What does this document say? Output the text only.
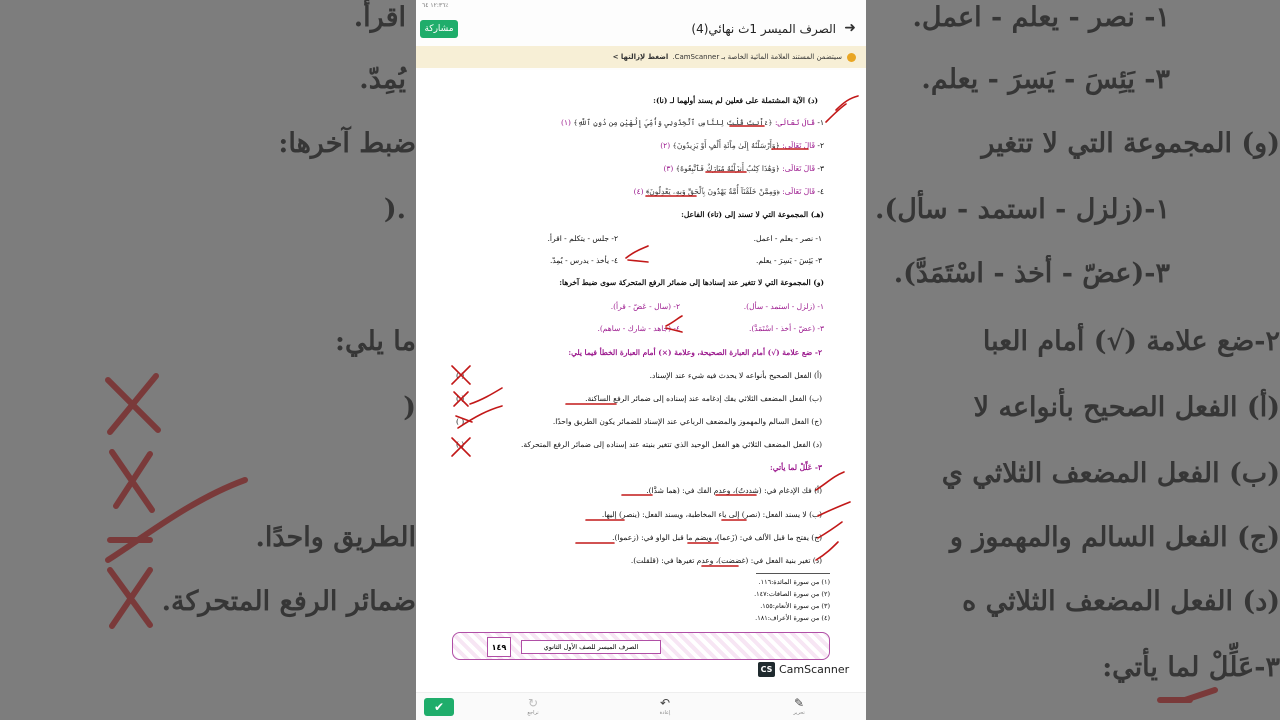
١- نصر - يعلم - اعمل.
٣- يَئِسَ - يَسِرَ - يعلم.
(و) المجموعة التي لا تتغير
١-(زلزل - استمد - سأل).
٣-(عضّ - أخذ - اسْتَمَدَّ).
٢-ضع علامة (√) أمام العبا
(أ) الفعل الصحيح بأنواعه لا
(ب) الفعل المضعف الثلاثي ي
(ج) الفعل السالم والمهموز و
(د) الفعل المضعف الثلاثي ه
٣-عَلِّلْ لما يأتي:
اقرأ.
يُمِدّ.
ضبط آخرها:
.(
ما يلي:
(
الطريق واحدًا.
ضمائر الرفع المتحركة.
١٢:٣٦ ٦٤٪

مشاركة	الصرف الميسر 1ث نهائي(4) ➜
سيتضمن المستند العلامة المائية الخاصة بـ CamScanner.
اضغط لإزالتها >
(د) الآية المشتملة على فعلين لم يسند أولهما لـ (نا):
١- قَالَ تَعَالَى: ﴿ءَأَنتَ قُلْتَ لِلنَّاسِ ٱتَّخِذُونِي وَأُمِّيَ إِلَٰهَيْنِ مِن دُونِ ٱللَّهِ﴾ (١)
٢- قَالَ تَعَالَى: ﴿وَأَرْسَلْنَٰهُ إِلَىٰ مِاْئَةِ أَلْفٍ أَوْ يَزِيدُونَ﴾ (٢)
٣- قَالَ تَعَالَى: ﴿وَهَٰذَا كِتَٰبٌ أَنزَلْنَٰهُ مُبَارَكٌ فَٱتَّبِعُوهُ﴾ (٣)
٤- قَالَ تَعَالَى: ﴿وَمِمَّنْ خَلَقْنَآ أُمَّةٌ يَهْدُونَ بِٱلْحَقِّ وَبِهِۦ يَعْدِلُونَ﴾ (٤)
(هـ) المجموعة التي لا تسند إلى (تاء) الفاعل:
١- نصر - يعلم - اعمل.
٢- جلس - يتكلم - اقرأ.
٣- يَئِسَ - يَسِرَ - يعلم.
٤- يأخذ - يدرس - يُمِدّ.
(و) المجموعة التي لا تتغير عند إسنادها إلى ضمائر الرفع المتحركة سوى ضبط آخرها:
١- (زلزل - استمد - سأل).
٢- (سال - عَضّ - قرأ).
٣- (عضّ - أخذ - اسْتَمَدَّ).
٤- (جاهد - شارك - ساهم).
٢- ضع علامة (√) أمام العبارة الصحيحة، وعلامة (×) أمام العبارة الخطأ فيما يلي:
(أ) الفعل الصحيح بأنواعه لا يحدث فيه شيء عند الإسناد.
(ب) الفعل المضعف الثلاثي يفك إدغامه عند إسناده إلى ضمائر الرفع الساكنة.
(ج) الفعل السالم والمهموز والمضعف الرباعي عند الإسناد للضمائر يكون الطريق واحدًا.
(د) الفعل المضعف الثلاثي هو الفعل الوحيد الذي تتغير بنيته عند إسناده إلى ضمائر الرفع المتحركة.
( )
( )
( )
( )
٣- عَلِّلْ لما يأتي:
(أ) فك الإدغام في: (شددتُ)، وعدم الفك في: (هما شدَّا).
(ب) لا يسند الفعل: (نصر) إلى ياء المخاطبة، ويسند الفعل: (ينصر) إليها.
(ج) يفتح ما قبل الألف في: (زَعما)، ويضم ما قبل الواو في: (زعموا).
(د) تغير بنية الفعل في: (غضضت)، وعدم تغيرها في: (قلقلت).
(١) من سورة المائدة:١١٦.
(٢) من سورة الصافات:١٤٧.
(٣) من سورة الأنعام:١٥٥.
(٤) من سورة الأعراف:١٨١.
١٤٩	الصرف الميسر للصف الأول الثانوي
CS CamScanner
✔	↻
تراجع
↶
إعادة
✎
تحرير
